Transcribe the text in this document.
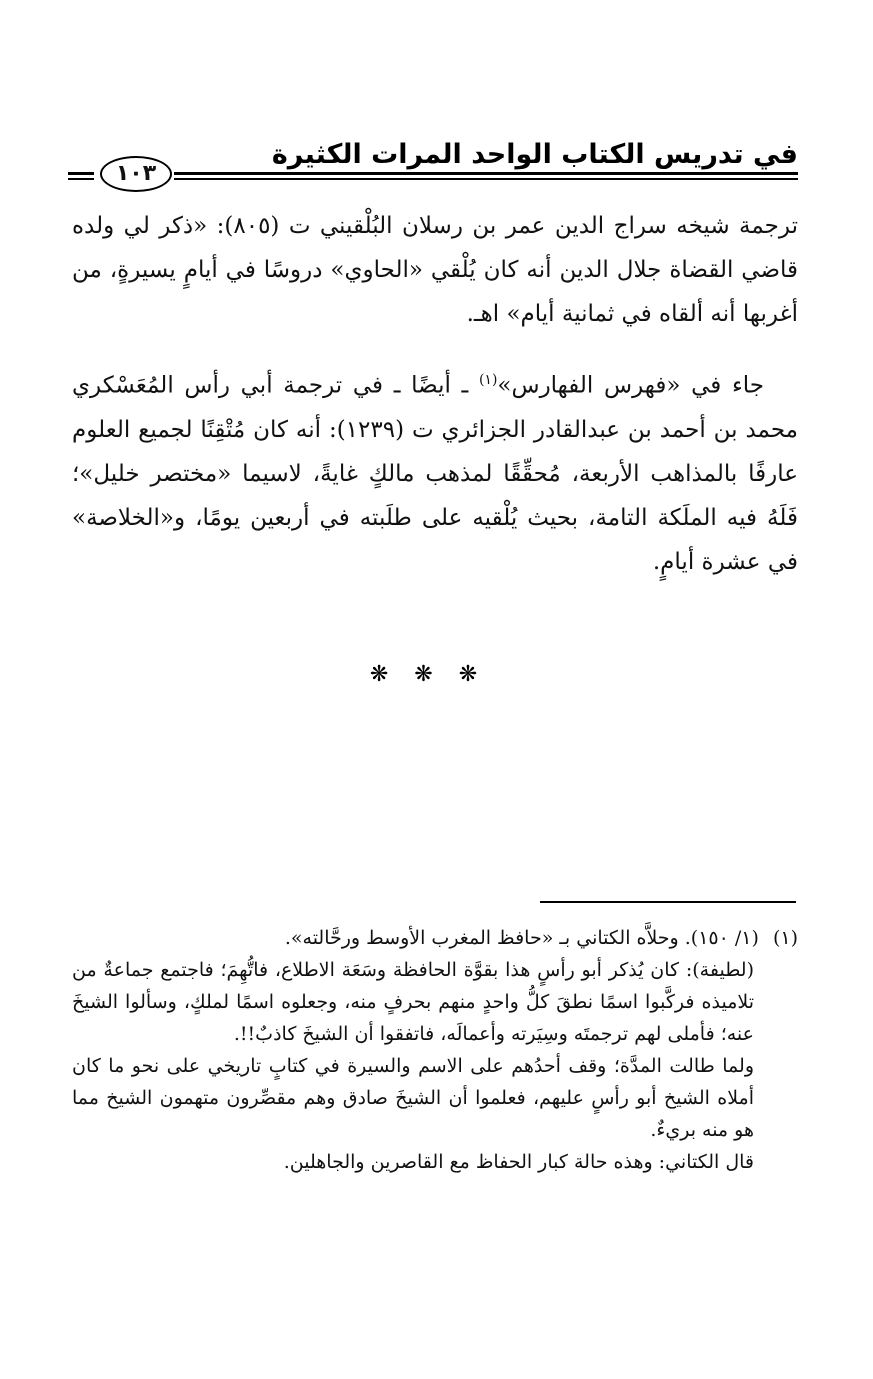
في تدريس الكتاب الواحد المرات الكثيرة
١٠٣

ترجمة شيخه سراج الدين عمر بن رسلان البُلْقيني ت (٨٠٥): «ذكر لي ولده قاضي القضاة جلال الدين أنه كان يُلْقي «الحاوي» دروسًا في أيامٍ يسيرةٍ، من أغربها أنه ألقاه في ثمانية أيام» اهـ.

جاء في «فهرس الفهارس»$^{(١)}$ ـ أيضًا ـ في ترجمة أبي رأس المُعَسْكري محمد بن أحمد بن عبدالقادر الجزائري ت (١٢٣٩): أنه كان مُتْقِنًا لجميع العلوم عارفًا بالمذاهب الأربعة، مُحقِّقًا لمذهب مالكٍ غايةً، لاسيما «مختصر خليل»؛ فَلَهُ فيه الملَكة التامة، بحيث يُلْقيه على طلَبته في أربعين يومًا، و«الخلاصة» في عشرة أيامٍ.

❋❋❋
(١)
(١/ ١٥٠). وحلاَّه الكتاني بـ «حافظ المغرب الأوسط ورحَّالته».

(لطيفة): كان يُذكر أبو رأسٍ هذا بقوَّة الحافظة وسَعَة الاطلاع، فاتُّهِمَ؛ فاجتمع جماعةٌ من تلاميذه فركَّبوا اسمًا نطقَ كلُّ واحدٍ منهم بحرفٍ منه، وجعلوه اسمًا لملكٍ، وسألوا الشيخَ عنه؛ فأملى لهم ترجمتَه وسِيَرته وأعمالَه، فاتفقوا أن الشيخَ كاذبٌ!!.

ولما طالت المدَّة؛ وقف أحدُهم على الاسم والسيرة في كتابٍ تاريخي على نحو ما كان أملاه الشيخ أبو رأسٍ عليهم، فعلموا أن الشيخَ صادق وهم مقصِّرون متهمون الشيخ مما هو منه بريءٌ.

قال الكتاني: وهذه حالة كبار الحفاظ مع القاصرين والجاهلين.
